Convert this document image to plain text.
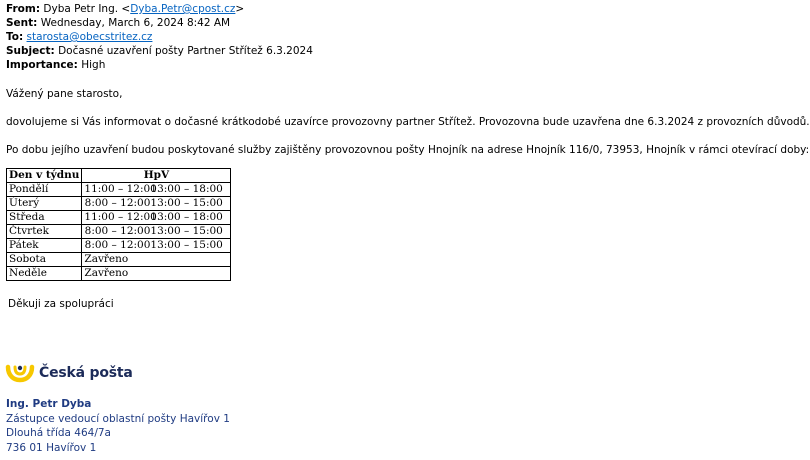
From: Dyba Petr Ing. <Dyba.Petr@cpost.cz>
Sent: Wednesday, March 6, 2024 8:42 AM
To: starosta@obecstritez.cz
Subject: Dočasné uzavření pošty Partner Střítež 6.3.2024
Importance: High
Vážený pane starosto,
dovolujeme si Vás informovat o dočasné krátkodobé uzavírce provozovny partner Střítež. Provozovna bude uzavřena dne 6.3.2024 z provozních důvodů.
Po dobu jejího uzavření budou poskytované služby zajištěny provozovnou pošty Hnojník na adrese Hnojník 116/0, 73953, Hnojník v rámci otevírací doby:
Den v týdnu	HpV
Pondělí	11:00 – 12:0013:00 – 18:00
Úterý	8:00 – 12:0013:00 – 15:00
Středa	11:00 – 12:0013:00 – 18:00
Čtvrtek	8:00 – 12:0013:00 – 15:00
Pátek	8:00 – 12:0013:00 – 15:00
Sobota	Zavřeno
Neděle	Zavřeno
Děkuji za spolupráci
Česká pošta
Ing. Petr Dyba
Zástupce vedoucí oblastní pošty Havířov 1
Dlouhá třída 464/7a
736 01 Havířov 1
